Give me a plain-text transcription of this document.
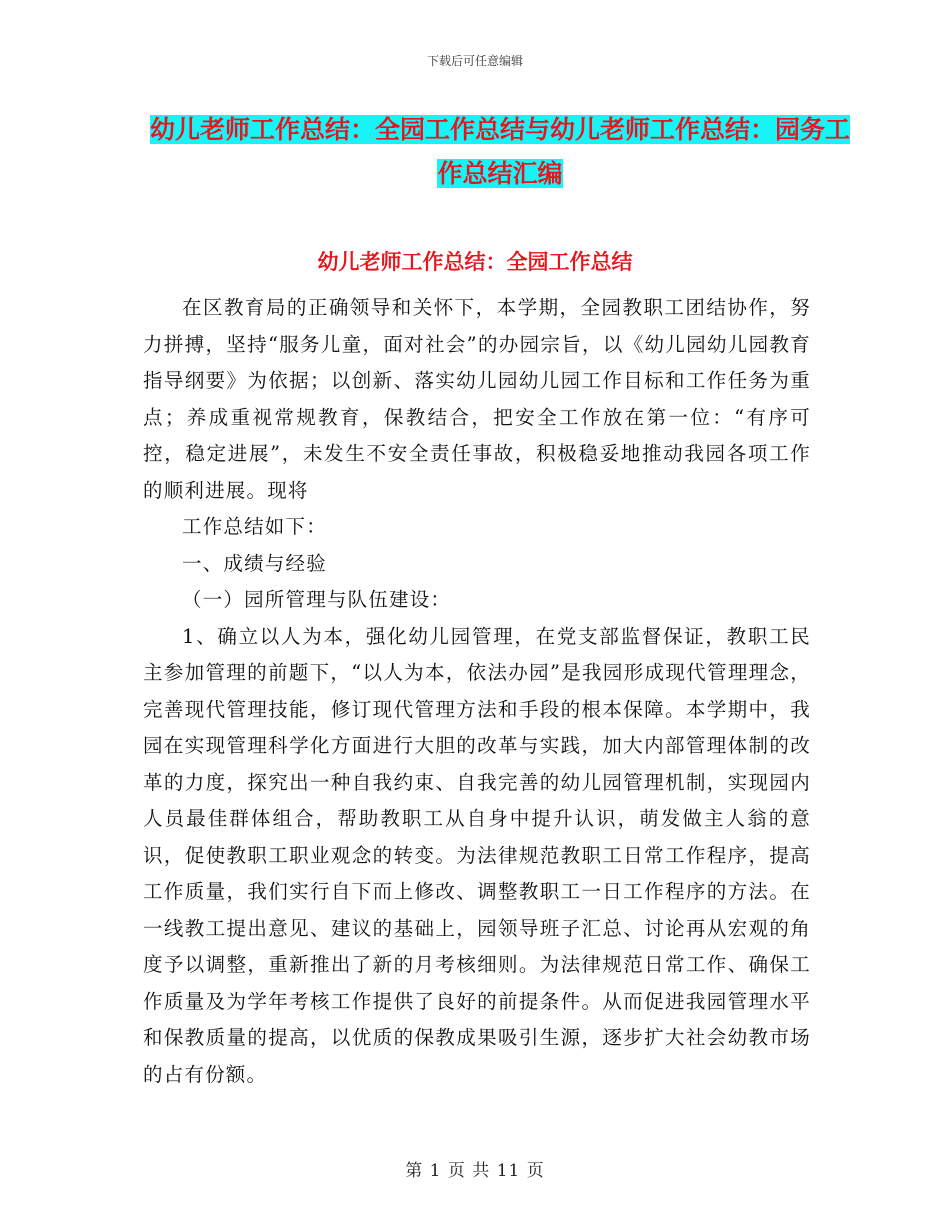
下载后可任意编辑
幼儿老师工作总结：全园工作总结与幼儿老师工作总结：园务工作总结汇编
幼儿老师工作总结：全园工作总结

在区教育局的正确领导和关怀下，本学期，全园教职工团结协作，努力拼搏，坚持“服务儿童，面对社会”的办园宗旨，以《幼儿园幼儿园教育指导纲要》为依据；以创新、落实幼儿园幼儿园工作目标和工作任务为重点；养成重视常规教育，保教结合，把安全工作放在第一位：“有序可控，稳定进展”，未发生不安全责任事故，积极稳妥地推动我园各项工作的顺利进展。现将

工作总结如下：

一、成绩与经验

（一）园所管理与队伍建设：

1、确立以人为本，强化幼儿园管理，在党支部监督保证，教职工民主参加管理的前题下，“以人为本，依法办园”是我园形成现代管理理念，完善现代管理技能，修订现代管理方法和手段的根本保障。本学期中，我园在实现管理科学化方面进行大胆的改革与实践，加大内部管理体制的改革的力度，探究出一种自我约束、自我完善的幼儿园管理机制，实现园内人员最佳群体组合，帮助教职工从自身中提升认识，萌发做主人翁的意识，促使教职工职业观念的转变。为法律规范教职工日常工作程序，提高工作质量，我们实行自下而上修改、调整教职工一日工作程序的方法。在一线教工提出意见、建议的基础上，园领导班子汇总、讨论再从宏观的角度予以调整，重新推出了新的月考核细则。为法律规范日常工作、确保工作质量及为学年考核工作提供了良好的前提条件。从而促进我园管理水平和保教质量的提高，以优质的保教成果吸引生源，逐步扩大社会幼教市场的占有份额。

第 1 页 共 11 页
